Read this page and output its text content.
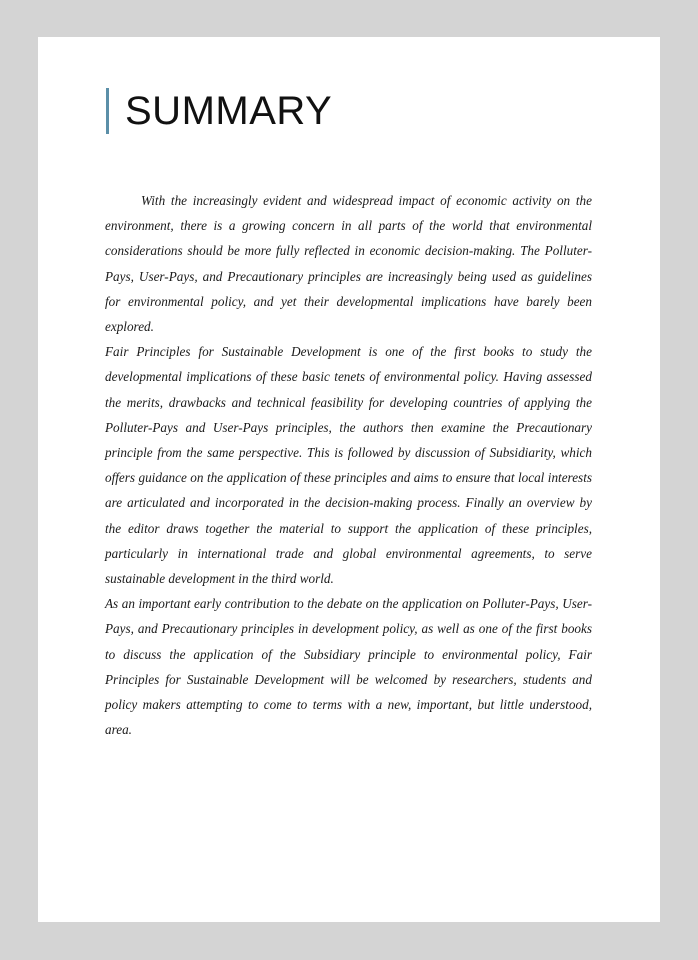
SUMMARY

With the increasingly evident and widespread impact of economic activity on the environment, there is a growing concern in all parts of the world that environmental considerations should be more fully reflected in economic decision-making. The Polluter-Pays, User-Pays, and Precautionary principles are increasingly being used as guidelines for environmental policy, and yet their developmental implications have barely been explored.

Fair Principles for Sustainable Development is one of the first books to study the developmental implications of these basic tenets of environmental policy. Having assessed the merits, drawbacks and technical feasibility for developing countries of applying the Polluter-Pays and User-Pays principles, the authors then examine the Precautionary principle from the same perspective. This is followed by discussion of Subsidiarity, which offers guidance on the application of these principles and aims to ensure that local interests are articulated and incorporated in the decision-making process. Finally an overview by the editor draws together the material to support the application of these principles, particularly in international trade and global environmental agreements, to serve sustainable development in the third world.

As an important early contribution to the debate on the application on Polluter-Pays, User-Pays, and Precautionary principles in development policy, as well as one of the first books to discuss the application of the Subsidiary principle to environmental policy, Fair Principles for Sustainable Development will be welcomed by researchers, students and policy makers attempting to come to terms with a new, important, but little understood, area.
